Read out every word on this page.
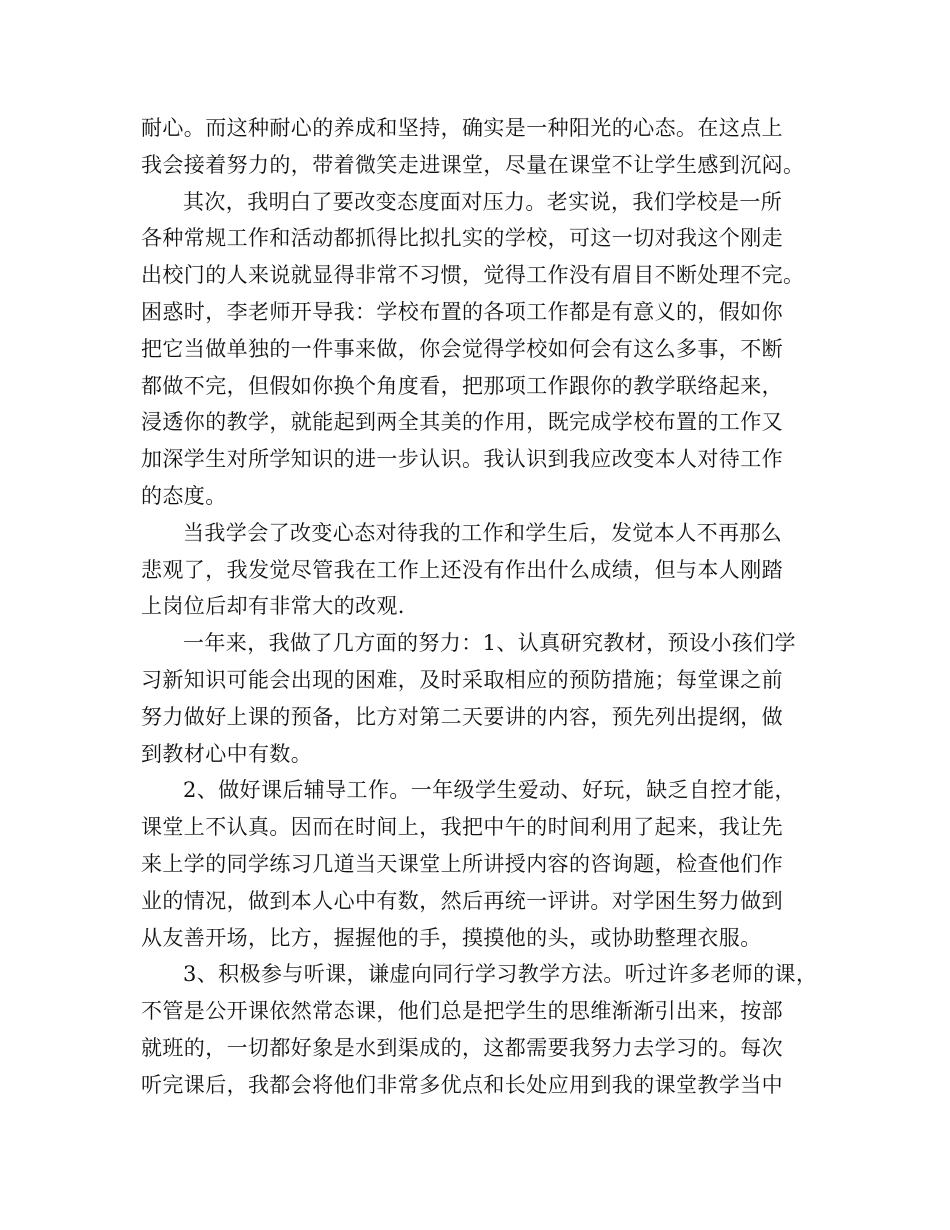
耐心。而这种耐心的养成和坚持，确实是一种阳光的心态。在这点上
我会接着努力的，带着微笑走进课堂，尽量在课堂不让学生感到沉闷。
其次，我明白了要改变态度面对压力。老实说，我们学校是一所
各种常规工作和活动都抓得比拟扎实的学校，可这一切对我这个刚走
出校门的人来说就显得非常不习惯，觉得工作没有眉目不断处理不完。
困惑时，李老师开导我：学校布置的各项工作都是有意义的，假如你
把它当做单独的一件事来做，你会觉得学校如何会有这么多事，不断
都做不完，但假如你换个角度看，把那项工作跟你的教学联络起来，
浸透你的教学，就能起到两全其美的作用，既完成学校布置的工作又
加深学生对所学知识的进一步认识。我认识到我应改变本人对待工作
的态度。
当我学会了改变心态对待我的工作和学生后，发觉本人不再那么
悲观了，我发觉尽管我在工作上还没有作出什么成绩，但与本人刚踏
上岗位后却有非常大的改观.
一年来，我做了几方面的努力：1、认真研究教材，预设小孩们学
习新知识可能会出现的困难，及时采取相应的预防措施；每堂课之前
努力做好上课的预备，比方对第二天要讲的内容，预先列出提纲，做
到教材心中有数。
2、做好课后辅导工作。一年级学生爱动、好玩，缺乏自控才能，
课堂上不认真。因而在时间上，我把中午的时间利用了起来，我让先
来上学的同学练习几道当天课堂上所讲授内容的咨询题，检查他们作
业的情况，做到本人心中有数，然后再统一评讲。对学困生努力做到
从友善开场，比方，握握他的手，摸摸他的头，或协助整理衣服。
3、积极参与听课，谦虚向同行学习教学方法。听过许多老师的课，
不管是公开课依然常态课，他们总是把学生的思维渐渐引出来，按部
就班的，一切都好象是水到渠成的，这都需要我努力去学习的。每次
听完课后，我都会将他们非常多优点和长处应用到我的课堂教学当中
